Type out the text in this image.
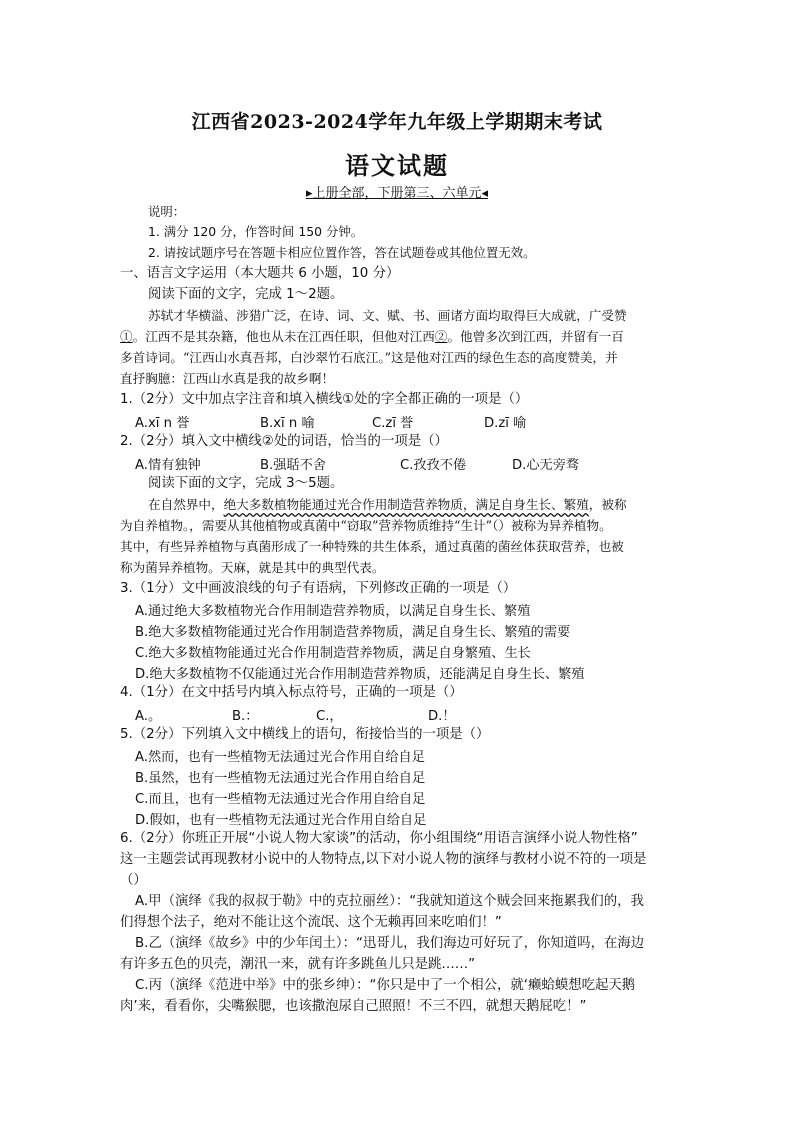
江西省2023-2024学年九年级上学期期末考试
语文试题
▸上册全部，下册第三、六单元◂
说明：
1. 满分 120 分，作答时间 150 分钟。
2. 请按试题序号在答题卡相应位置作答，答在试题卷或其他位置无效。
一、语言文字运用（本大题共 6 小题，10 分）
阅读下面的文字，完成 1～2题。
苏轼才华横溢、涉猎广泛，在诗、词、文、赋、书、画诸方面均取得巨大成就，广受赞
①。江西不是其杂籍，他也从未在江西任职，但他对江西②。他曾多次到江西，并留有一百
多首诗词。“江西山水真吾邦，白沙翠竹石底江。”这是他对江西的绿色生态的高度赞美，并
直抒胸臆：江西山水真是我的故乡啊！
1.（2分）文中加点字注音和填入横线①处的字全都正确的一项是（）
A.xī n 誉	B.xī n 喻	C.zī 誉	D.zī 喻
2.（2分）填入文中横线②处的词语，恰当的一项是（）
A.情有独钟	B.强聒不舍	C.孜孜不倦	D.心无旁骛
阅读下面的文字，完成 3～5题。
在自然界中，绝大多数植物能通过光合作用制造营养物质，满足自身生长、繁殖，被称
为自养植物。，需要从其他植物或真菌中“窃取”营养物质维持“生计”（）被称为异养植物。
其中，有些异养植物与真菌形成了一种特殊的共生体系，通过真菌的菌丝体获取营养，也被
称为菌异养植物。天麻，就是其中的典型代表。
3.（1分）文中画波浪线的句子有语病，下列修改正确的一项是（）
A.通过绝大多数植物光合作用制造营养物质，以满足自身生长、繁殖
B.绝大多数植物能通过光合作用制造营养物质，满足自身生长、繁殖的需要
C.绝大多数植物能通过光合作用制造营养物质，满足自身繁殖、生长
D.绝大多数植物不仅能通过光合作用制造营养物质，还能满足自身生长、繁殖
4.（1分）在文中括号内填入标点符号，正确的一项是（）
A.。	B.：	C.，	D.！
5.（2分）下列填入文中横线上的语句，衔接恰当的一项是（）
A.然而，也有一些植物无法通过光合作用自给自足
B.虽然，也有一些植物无法通过光合作用自给自足
C.而且，也有一些植物无法通过光合作用自给自足
D.假如，也有一些植物无法通过光合作用自给自足
6.（2分）你班正开展“小说人物大家谈”的活动，你小组围绕“用语言演绎小说人物性格”
这一主题尝试再现教材小说中的人物特点,以下对小说人物的演绎与教材小说不符的一项是
（）
A.甲（演绎《我的叔叔于勒》中的克拉丽丝）：“我就知道这个贼会回来拖累我们的，我
们得想个法子，绝对不能让这个流氓、这个无赖再回来吃咱们！”
B.乙（演绎《故乡》中的少年闰土）：“迅哥儿，我们海边可好玩了，你知道吗，在海边
有许多五色的贝壳，潮汛一来，就有许多跳鱼儿只是跳……”
C.丙（演绎《范进中举》中的张乡绅）：“你只是中了一个相公，就‘癞蛤蟆想吃起天鹅
肉’来，看看你，尖嘴猴腮，也该撒泡尿自己照照！不三不四，就想天鹅屁吃！”
